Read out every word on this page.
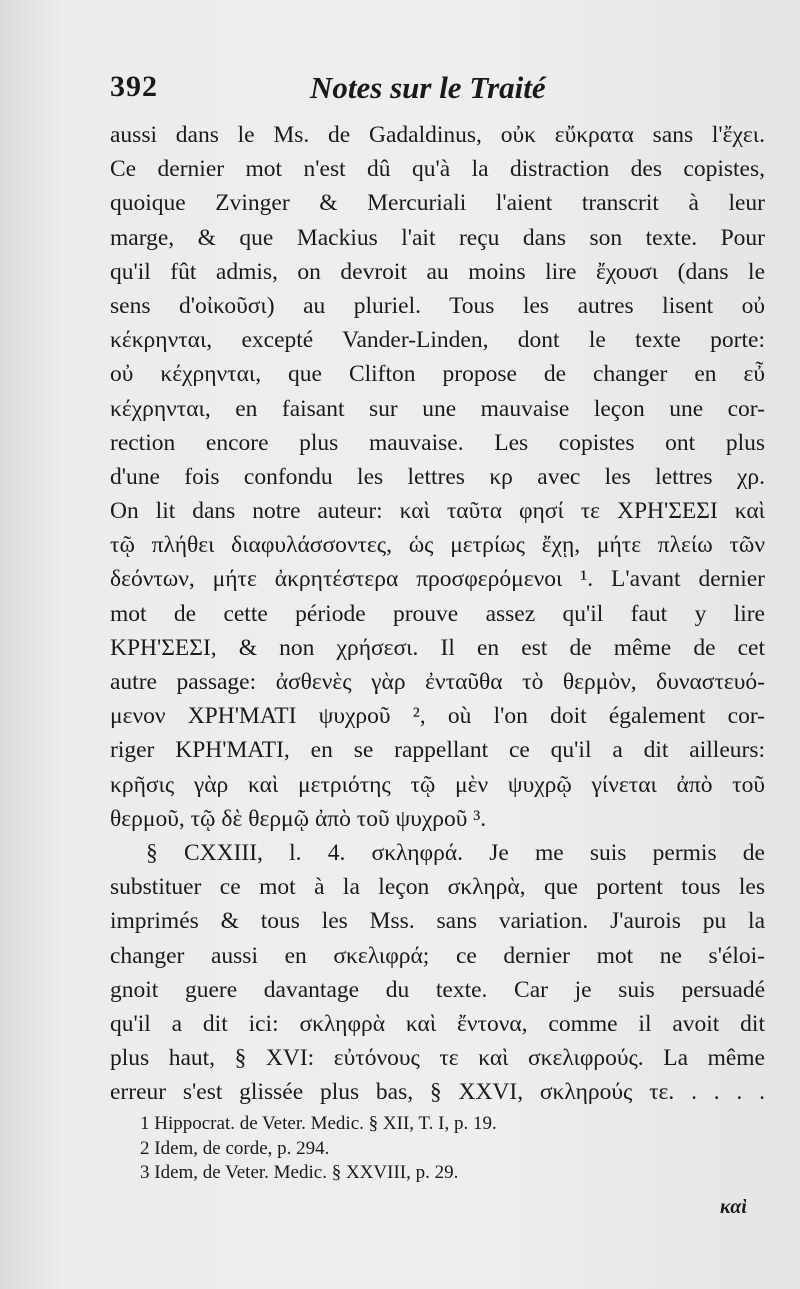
392	Notes sur le Traité
aussi dans le Ms. de Gadaldinus, οὐκ εὔκρατα sans l'ἔχει.
Ce dernier mot n'est dû qu'à la distraction des copistes,
quoique Zvinger & Mercuriali l'aient transcrit à leur
marge, & que Mackius l'ait reçu dans son texte. Pour
qu'il fût admis, on devroit au moins lire ἔχουσι (dans le
sens d'οἰκοῦσι) au pluriel. Tous les autres lisent οὐ
κέκρηνται, excepté Vander-Linden, dont le texte porte:
οὐ κέχρηνται, que Clifton propose de changer en εὖ
κέχρηνται, en faisant sur une mauvaise leçon une cor-
rection encore plus mauvaise. Les copistes ont plus
d'une fois confondu les lettres κρ avec les lettres χρ.
On lit dans notre auteur: καὶ ταῦτα φησί τε ΧΡΗ'ΣΕΣΙ καὶ
τῷ πλήθει διαφυλάσσοντες, ὡς μετρίως ἔχῃ, μήτε πλείω τῶν
δεόντων, μήτε ἀκρητέστερα προσφερόμενοι ¹. L'avant dernier
mot de cette période prouve assez qu'il faut y lire
ΚΡΗ'ΣΕΣΙ, & non χρήσεσι. Il en est de même de cet
autre passage: ἀσθενὲς γὰρ ἐνταῦθα τὸ θερμὸν, δυναστευό-
μενον ΧΡΗ'ΜΑΤΙ ψυχροῦ ², où l'on doit également cor-
riger ΚΡΗ'ΜΑΤΙ, en se rappellant ce qu'il a dit ailleurs:
κρῆσις γὰρ καὶ μετριότης τῷ μὲν ψυχρῷ γίνεται ἀπὸ τοῦ
θερμοῦ, τῷ δὲ θερμῷ ἀπὸ τοῦ ψυχροῦ ³.
§ CXXIII, l. 4. σκληφρά. Je me suis permis de
substituer ce mot à la leçon σκληρὰ, que portent tous les
imprimés & tous les Mss. sans variation. J'aurois pu la
changer aussi en σκελιφρά; ce dernier mot ne s'éloi-
gnoit guere davantage du texte. Car je suis persuadé
qu'il a dit ici: σκληφρὰ καὶ ἔντονα, comme il avoit dit
plus haut, § XVI: εὐτόνους τε καὶ σκελιφρούς. La même
erreur s'est glissée plus bas, § XXVI, σκληρούς τε. . . . .
1 Hippocrat. de Veter. Medic. § XII, T. I, p. 19.
2 Idem, de corde, p. 294.
3 Idem, de Veter. Medic. § XXVIII, p. 29.
καὶ
